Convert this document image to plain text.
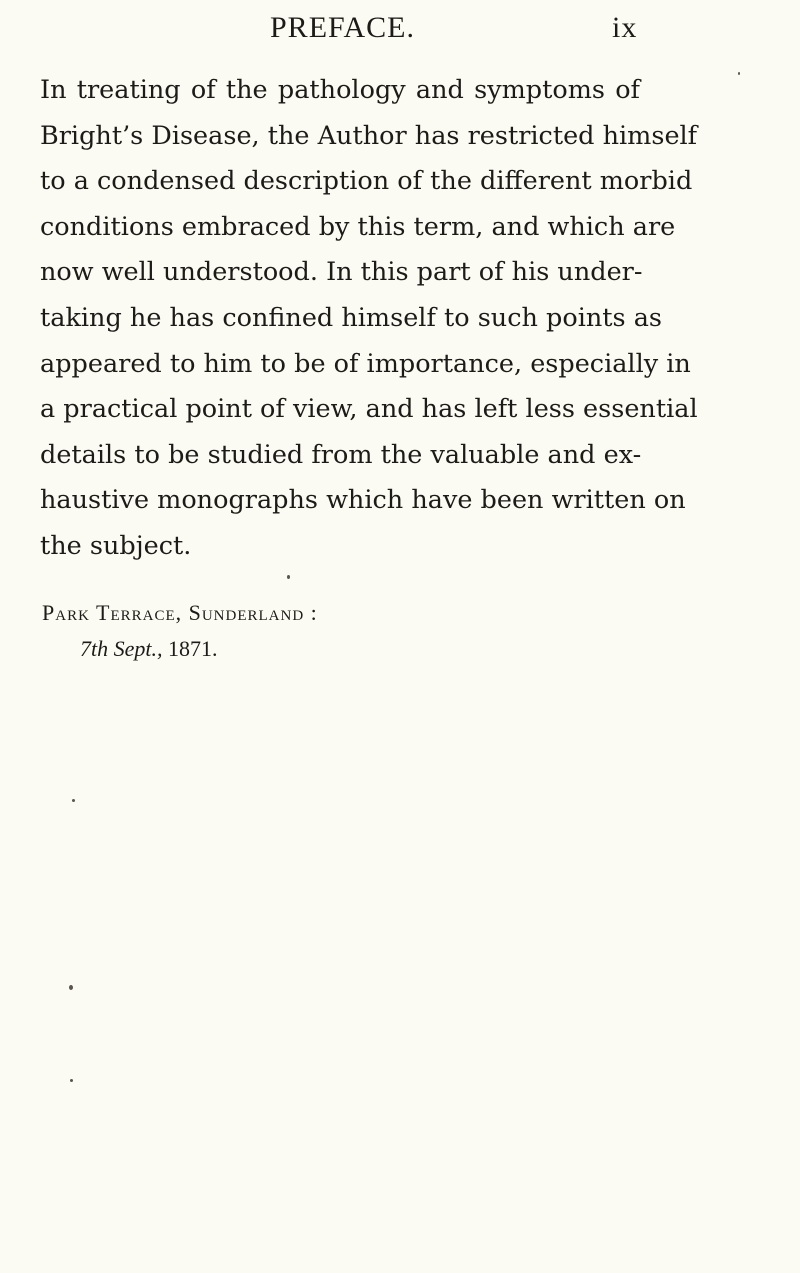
PREFACE.	ix
In treating of the pathology and symptoms of
Bright’s Disease, the Author has restricted himself
to a condensed description of the different morbid
conditions embraced by this term, and which are
now well understood. In this part of his under-
taking he has confined himself to such points as
appeared to him to be of importance, especially in
a practical point of view, and has left less essential
details to be studied from the valuable and ex-
haustive monographs which have been written on
the subject.
Park Terrace, Sunderland :
7th Sept., 1871.
